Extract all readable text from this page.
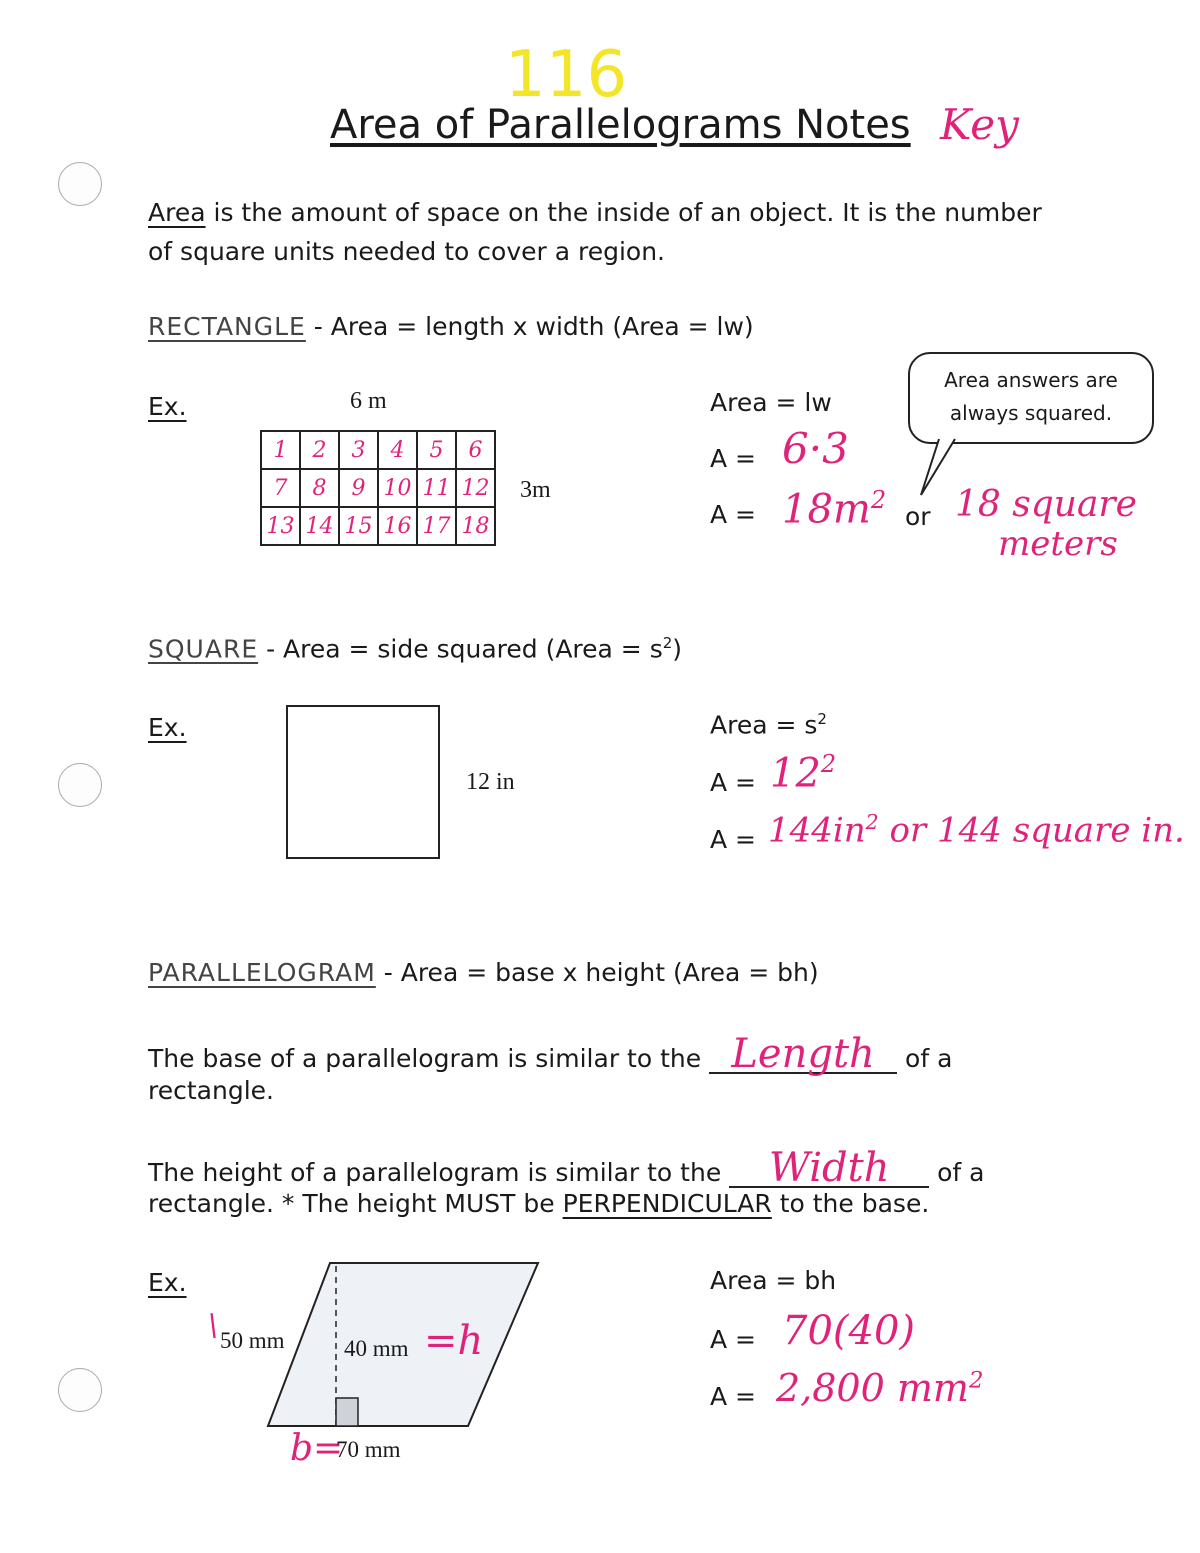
116
Area of Parallelograms Notes Key
Area is the amount of space on the inside of an object. It is the number
of square units needed to cover a region.
RECTANGLE - Area = length x width (Area = lw)
Ex.	6 m
1	2	3	4	5	6
7	8	9	10	11	12
13	14	15	16	17	18
3m
Area = lw
A = 6·3
$A = 18m^2$
or 18 square
meters
Area answers are
always squared.
SQUARE - Area = side squared (Area = $s^2$)
Ex.
12 in
Area = $s^2$
$A = 12^2$
$A = 144in^2$ or 144 square in.
PARALLELOGRAM - Area = base x height (Area = bh)
The base of a parallelogram is similar to the Length of a
rectangle.
The height of a parallelogram is similar to the Width of a
rectangle. * The height MUST be PERPENDICULAR to the base.
Ex.
\ 50 mm	40 mm =h
b=
70 mm
Area = bh
A = 70(40)
A = 2,800 $mm^2$
